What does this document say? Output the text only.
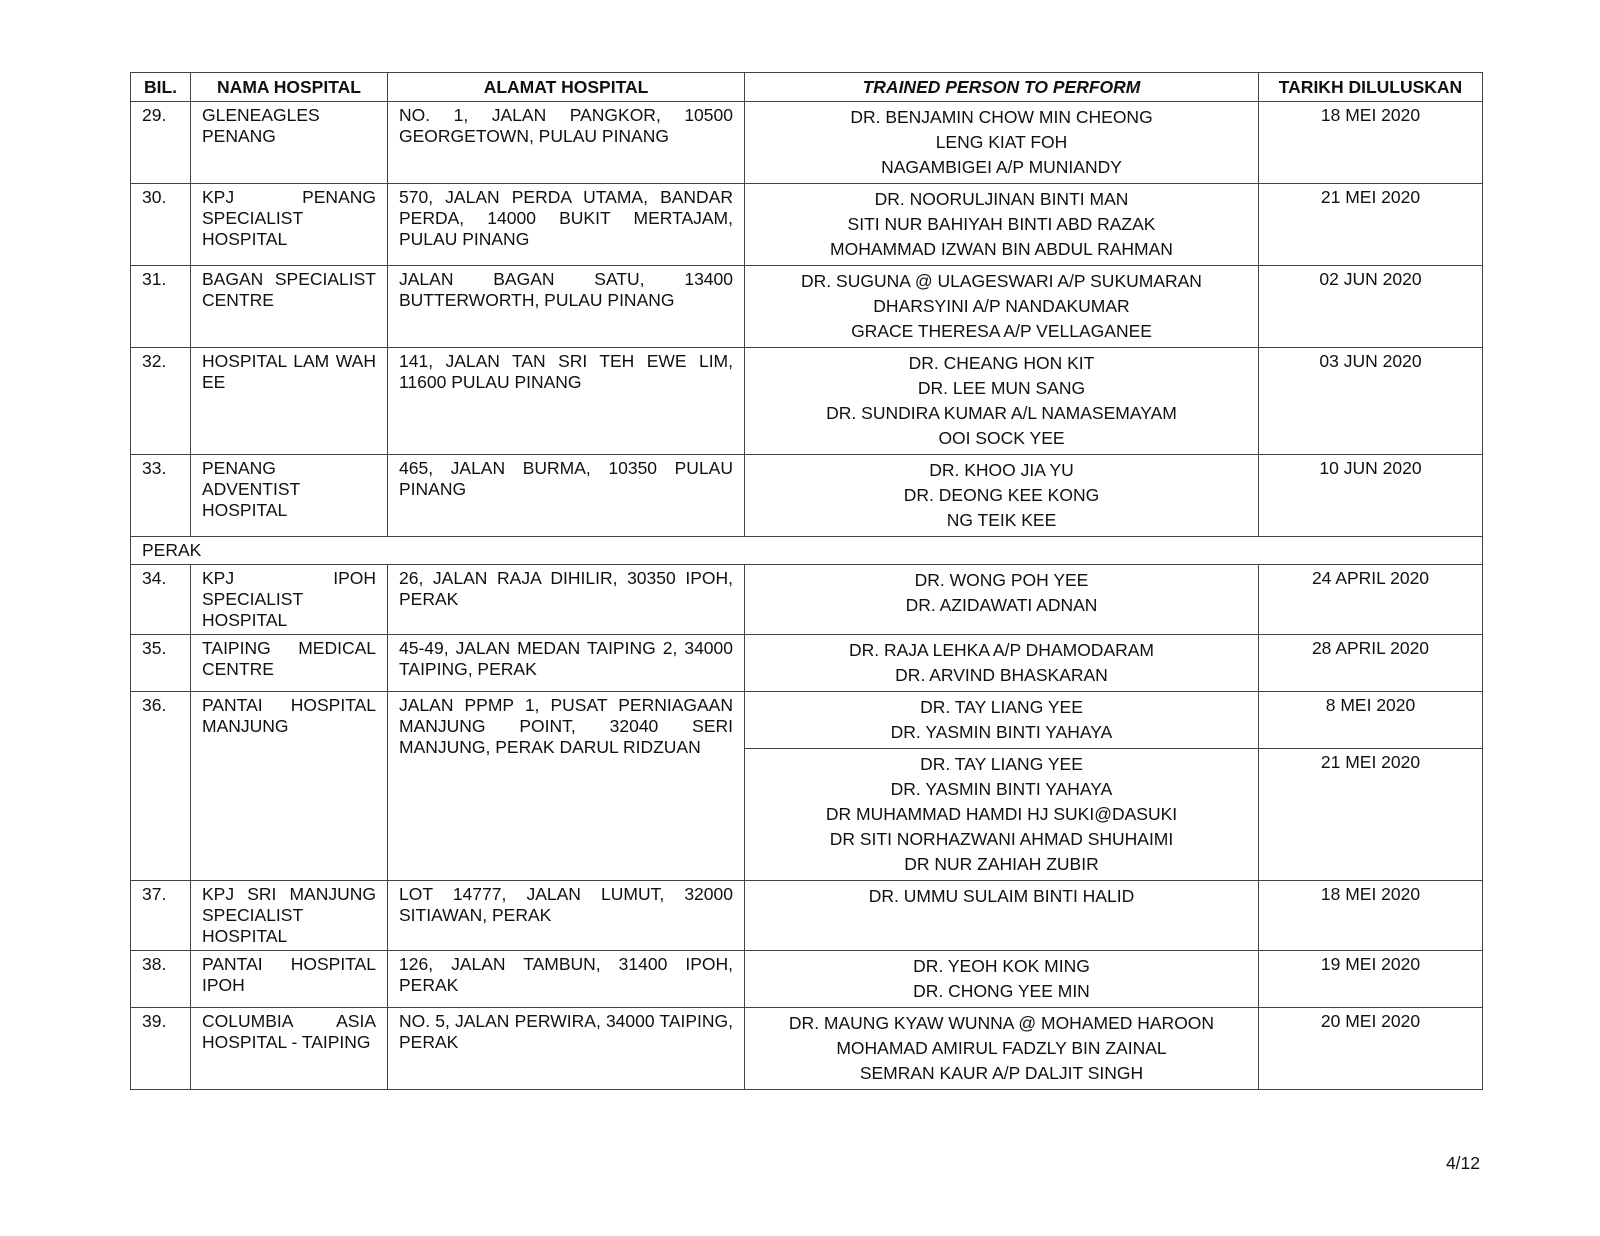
BIL.	NAMA HOSPITAL	ALAMAT HOSPITAL	TRAINED PERSON TO PERFORM	TARIKH DILULUSKAN
29.	GLENEAGLES PENANG	NO. 1, JALAN PANGKOR, 10500 GEORGETOWN, PULAU PINANG	DR. BENJAMIN CHOW MIN CHEONG
LENG KIAT FOH
NAGAMBIGEI A/P MUNIANDY	18 MEI 2020
30.	KPJ PENANG SPECIALIST HOSPITAL	570, JALAN PERDA UTAMA, BANDAR PERDA, 14000 BUKIT MERTAJAM, PULAU PINANG	DR. NOORULJINAN BINTI MAN
SITI NUR BAHIYAH BINTI ABD RAZAK
MOHAMMAD IZWAN BIN ABDUL RAHMAN	21 MEI 2020
31.	BAGAN SPECIALIST CENTRE	JALAN BAGAN SATU, 13400 BUTTERWORTH, PULAU PINANG	DR. SUGUNA @ ULAGESWARI A/P SUKUMARAN
DHARSYINI A/P NANDAKUMAR
GRACE THERESA A/P VELLAGANEE	02 JUN 2020
32.	HOSPITAL LAM WAH EE	141, JALAN TAN SRI TEH EWE LIM, 11600 PULAU PINANG	DR. CHEANG HON KIT
DR. LEE MUN SANG
DR. SUNDIRA KUMAR A/L NAMASEMAYAM
OOI SOCK YEE	03 JUN 2020
33.	PENANG ADVENTIST HOSPITAL	465, JALAN BURMA, 10350 PULAU PINANG	DR. KHOO JIA YU
DR. DEONG KEE KONG
NG TEIK KEE	10 JUN 2020
PERAK				
34.	KPJ IPOH SPECIALIST HOSPITAL	26, JALAN RAJA DIHILIR, 30350 IPOH, PERAK	DR. WONG POH YEE
DR. AZIDAWATI ADNAN	24 APRIL 2020
35.	TAIPING MEDICAL CENTRE	45-49, JALAN MEDAN TAIPING 2, 34000 TAIPING, PERAK	DR. RAJA LEHKA A/P DHAMODARAM
DR. ARVIND BHASKARAN	28 APRIL 2020
36.	PANTAI HOSPITAL MANJUNG	JALAN PPMP 1, PUSAT PERNIAGAAN MANJUNG POINT, 32040 SERI MANJUNG, PERAK DARUL RIDZUAN	DR. TAY LIANG YEE
DR. YASMIN BINTI YAHAYA	8 MEI 2020

			DR. TAY LIANG YEE
DR. YASMIN BINTI YAHAYA
DR MUHAMMAD HAMDI HJ SUKI@DASUKI
DR SITI NORHAZWANI AHMAD SHUHAIMI
DR NUR ZAHIAH ZUBIR	21 MEI 2020
37.	KPJ SRI MANJUNG SPECIALIST HOSPITAL	LOT 14777, JALAN LUMUT, 32000 SITIAWAN, PERAK	DR. UMMU SULAIM BINTI HALID	18 MEI 2020
38.	PANTAI HOSPITAL IPOH	126, JALAN TAMBUN, 31400 IPOH, PERAK	DR. YEOH KOK MING
DR. CHONG YEE MIN	19 MEI 2020
39.	COLUMBIA ASIA HOSPITAL - TAIPING	NO. 5, JALAN PERWIRA, 34000 TAIPING, PERAK	DR. MAUNG KYAW WUNNA @ MOHAMED HAROON
MOHAMAD AMIRUL FADZLY BIN ZAINAL
SEMRAN KAUR A/P DALJIT SINGH	20 MEI 2020
4/12
